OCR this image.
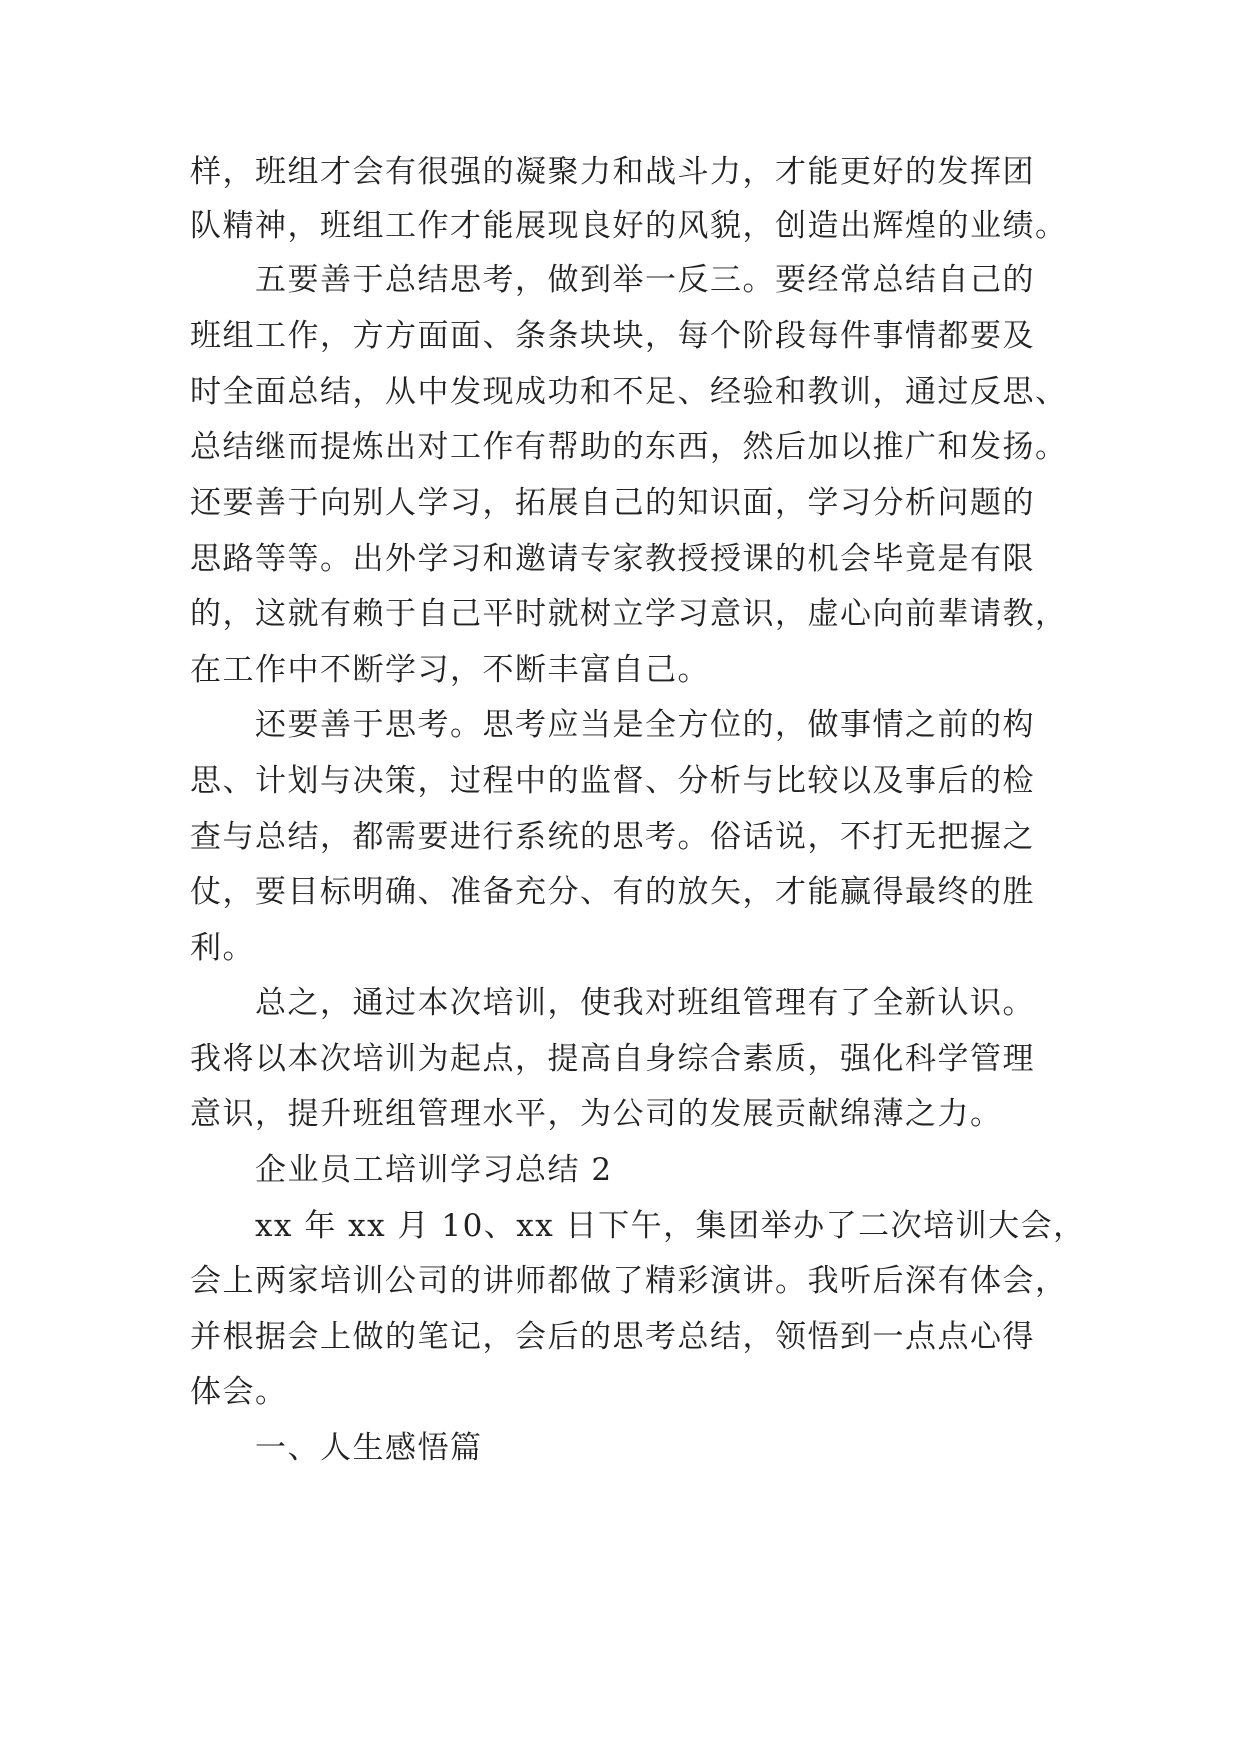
样，班组才会有很强的凝聚力和战斗力，才能更好的发挥团
队精神，班组工作才能展现良好的风貌，创造出辉煌的业绩。
五要善于总结思考，做到举一反三。要经常总结自己的
班组工作，方方面面、条条块块，每个阶段每件事情都要及
时全面总结，从中发现成功和不足、经验和教训，通过反思、
总结继而提炼出对工作有帮助的东西，然后加以推广和发扬。
还要善于向别人学习，拓展自己的知识面，学习分析问题的
思路等等。出外学习和邀请专家教授授课的机会毕竟是有限
的，这就有赖于自己平时就树立学习意识，虚心向前辈请教，
在工作中不断学习，不断丰富自己。
还要善于思考。思考应当是全方位的，做事情之前的构
思、计划与决策，过程中的监督、分析与比较以及事后的检
查与总结，都需要进行系统的思考。俗话说，不打无把握之
仗，要目标明确、准备充分、有的放矢，才能赢得最终的胜
利。
总之，通过本次培训，使我对班组管理有了全新认识。
我将以本次培训为起点，提高自身综合素质，强化科学管理
意识，提升班组管理水平，为公司的发展贡献绵薄之力。
企业员工培训学习总结 2
xx 年 xx 月 10、xx 日下午，集团举办了二次培训大会，
会上两家培训公司的讲师都做了精彩演讲。我听后深有体会，
并根据会上做的笔记，会后的思考总结，领悟到一点点心得
体会。
一、人生感悟篇
